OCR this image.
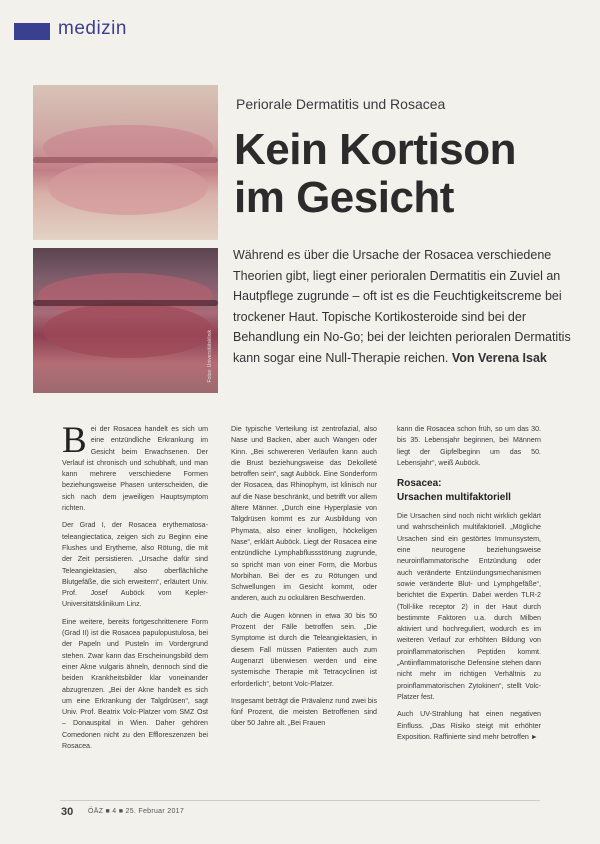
medizin
Fotos: Universitätsklinik
Periorale Dermatitis und Rosacea
Kein Kortison
im Gesicht
Während es über die Ursache der Rosacea verschiedene Theorien gibt, liegt einer perioralen Dermatitis ein Zuviel an Hautpflege zugrunde – oft ist es die Feuchtigkeitscreme bei trockener Haut. Topische Kortikosteroide sind bei der Behandlung ein No-Go; bei der leichten perioralen Dermatitis kann sogar eine Null-Therapie reichen. Von Verena Isak

Bei der Rosacea handelt es sich um eine entzündliche Erkrankung im Gesicht beim Erwachsenen. Der Verlauf ist chronisch und schubhaft, und man kann mehrere verschiedene Formen beziehungsweise Phasen unterscheiden, die sich nach dem jeweiligen Hauptsymptom richten.

Der Grad I, der Rosacea erythematosa-teleangiectatica, zeigen sich zu Beginn eine Flushes und Erytheme, also Rötung, die mit der Zeit persistieren. „Ursache dafür sind Teleangiektasien, also oberflächliche Blutgefäße, die sich erweitern“, erläutert Univ. Prof. Josef Auböck vom Kepler-Universitätsklinikum Linz.

Eine weitere, bereits fortgeschrittenere Form (Grad II) ist die Rosacea papulopustulosa, bei der Papeln und Pusteln im Vordergrund stehen. Zwar kann das Erscheinungsbild dem einer Akne vulgaris ähneln, dennoch sind die beiden Krankheitsbilder klar voneinander abzugrenzen. „Bei der Akne handelt es sich um eine Erkrankung der Talgdrüsen“, sagt Univ. Prof. Beatrix Volc-Platzer vom SMZ Ost – Donauspital in Wien. Daher gehören Comedonen nicht zu den Effloreszenzen bei Rosacea.

Die typische Verteilung ist zentrofazial, also Nase und Backen, aber auch Wangen oder Kinn. „Bei schwereren Verläufen kann auch die Brust beziehungsweise das Dekolleté betroffen sein“, sagt Auböck. Eine Sonderform der Rosacea, das Rhinophym, ist klinisch nur auf die Nase beschränkt, und betrifft vor allem ältere Männer. „Durch eine Hyperplasie von Talgdrüsen kommt es zur Ausbildung von Phymata, also einer knolligen, höckeligen Nase“, erklärt Auböck. Liegt der Rosacea eine entzündliche Lymphabflussstörung zugrunde, so spricht man von einer Form, die Morbus Morbihan. Bei der es zu Rötungen und Schwellungen im Gesicht kommt, oder anderen, auch zu ockulären Beschwerden.

Auch die Augen können in etwa 30 bis 50 Prozent der Fälle betroffen sein. „Die Symptome ist durch die Teleangiektasien, in diesem Fall müssen Patienten auch zum Augenarzt überwiesen werden und eine systemische Therapie mit Tetracyclinen ist erforderlich“, betont Volc-Platzer.

Insgesamt beträgt die Prävalenz rund zwei bis fünf Prozent, die meisten Betroffenen sind über 50 Jahre alt. „Bei Frauen

kann die Rosacea schon früh, so um das 30. bis 35. Lebensjahr beginnen, bei Männern liegt der Gipfelbeginn um das 50. Lebensjahr“, weiß Auböck.

Rosacea:
Ursachen multifaktoriell

Die Ursachen sind noch nicht wirklich geklärt und wahrscheinlich multifaktoriell. „Mögliche Ursachen sind ein gestörtes Immunsystem, eine neurogene beziehungsweise neuroinflammatorische Entzündung oder auch veränderte Entzündungsmechanismen sowie veränderte Blut- und Lymphgefäße“, berichtet die Expertin. Dabei werden TLR-2 (Toll-like receptor 2) in der Haut durch bestimmte Faktoren u.a. durch Milben aktiviert und hochreguliert, wodurch es im weiteren Verlauf zur erhöhten Bildung von proinflammatorischen Peptiden kommt. „Antiinflammatorische Defensine stehen dann nicht mehr im richtigen Verhältnis zu proinflammatorischen Zytokinen“, stellt Volc-Platzer fest.

Auch UV-Strahlung hat einen negativen Einfluss. „Das Risiko steigt mit erhöhter Exposition. Raffinierte sind mehr betroffen ►

30 ÖÄZ ■ 4 ■ 25. Februar 2017
